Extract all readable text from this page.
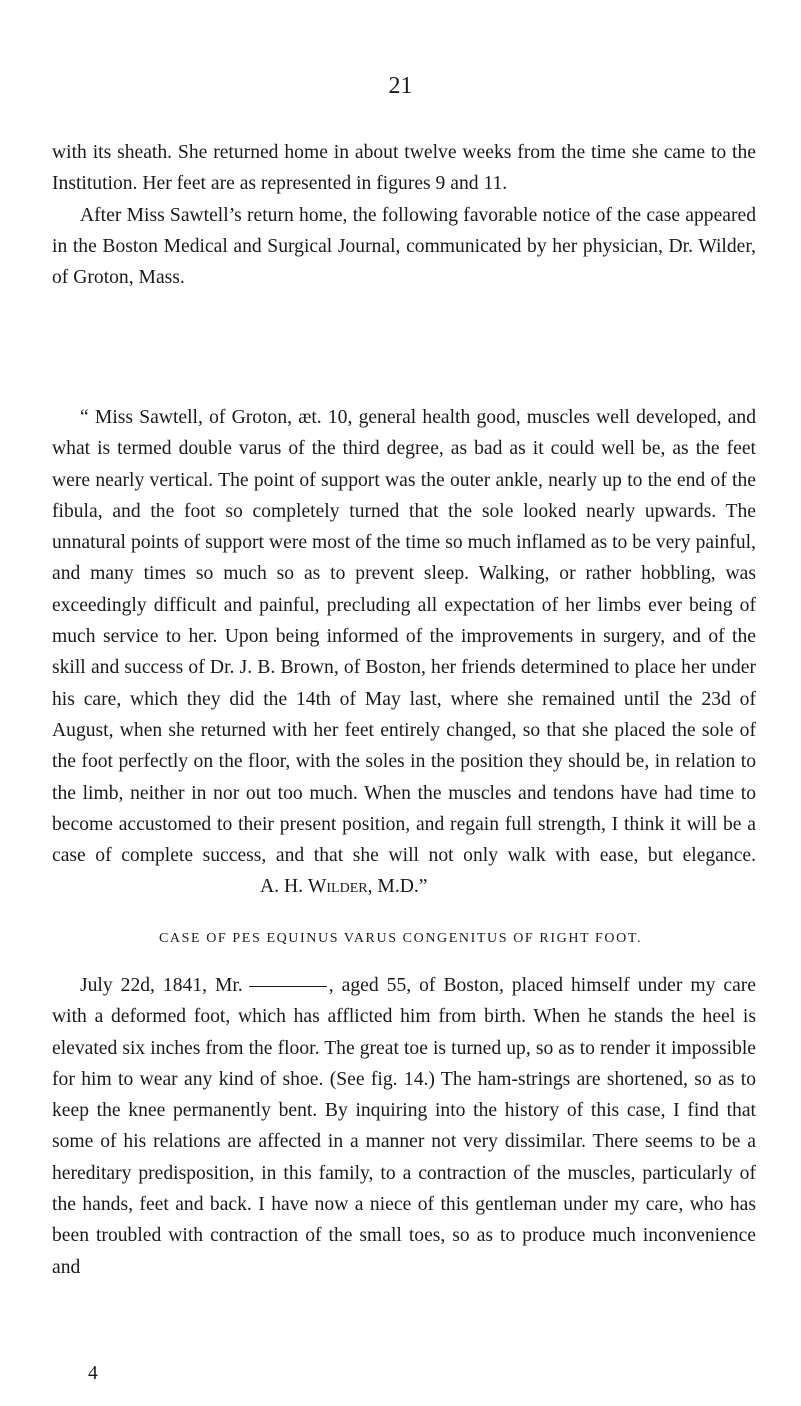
21

with its sheath. She returned home in about twelve weeks from the time she came to the Institution. Her feet are as represented in figures 9 and 11.

After Miss Sawtell’s return home, the following favorable notice of the case appeared in the Boston Medical and Surgical Journal, communicated by her physician, Dr. Wilder, of Groton, Mass.

“ Miss Sawtell, of Groton, æt. 10, general health good, muscles well developed, and what is termed double varus of the third degree, as bad as it could well be, as the feet were nearly vertical. The point of support was the outer ankle, nearly up to the end of the fibula, and the foot so completely turned that the sole looked nearly upwards. The unnatural points of support were most of the time so much inflamed as to be very painful, and many times so much so as to prevent sleep. Walking, or rather hobbling, was exceedingly difficult and painful, precluding all expectation of her limbs ever being of much service to her. Upon being informed of the improvements in surgery, and of the skill and success of Dr. J. B. Brown, of Boston, her friends determined to place her under his care, which they did the 14th of May last, where she remained until the 23d of August, when she returned with her feet entirely changed, so that she placed the sole of the foot perfectly on the floor, with the soles in the position they should be, in relation to the limb, neither in nor out too much. When the muscles and tendons have had time to become accustomed to their present position, and regain full strength, I think it will be a case of complete success, and that she will not only walk with ease, but elegance.A. H. Wilder, M.D.”

CASE OF PES EQUINUS VARUS CONGENITUS OF RIGHT FOOT.

July 22d, 1841, Mr.	, aged 55, of Boston, placed himself under my care with a deformed foot, which has afflicted him from birth. When he stands the heel is elevated six inches from the floor. The great toe is turned up, so as to render it impossible for him to wear any kind of shoe. (See fig. 14.) The ham-strings are shortened, so as to keep the knee permanently bent. By inquiring into the history of this case, I find that some of his relations are affected in a manner not very dissimilar. There seems to be a hereditary predisposition, in this family, to a contraction of the muscles, particularly of the hands, feet and back. I have now a niece of this gentleman under my care, who has been troubled with contraction of the small toes, so as to produce much inconvenience and

4
